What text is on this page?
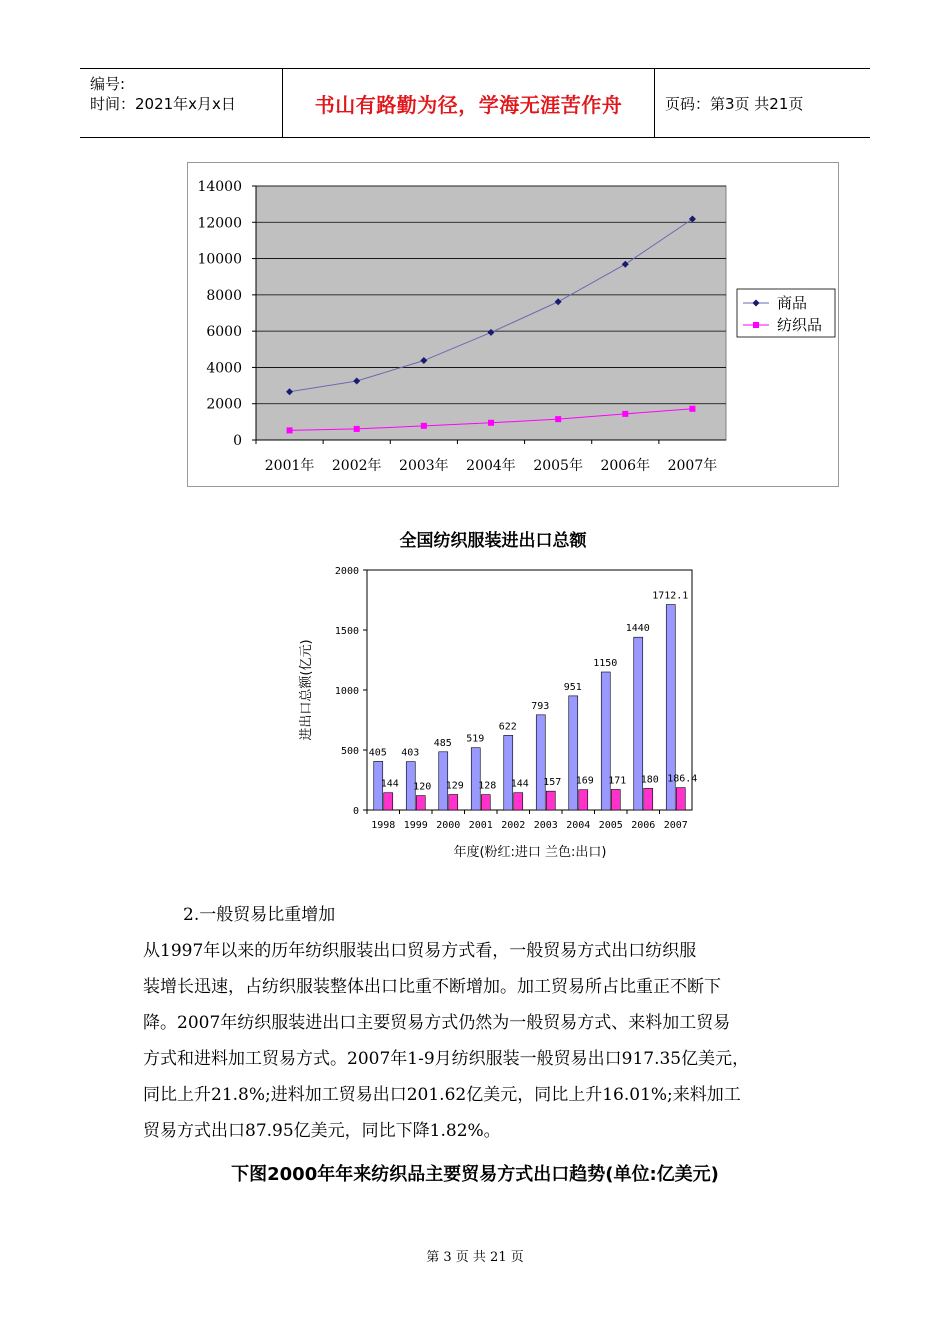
编号:
时间：2021年x月x日	书山有路勤为径，学海无涯苦作舟	页码：第3页 共21页
0
2000
4000
6000
8000
10000
12000
14000
2001年 2002年 2003年 2004年 2005年 2006年 2007年
商品
纺织品
全国纺织服装进出口总额
0
500
1000
1500
2000
1998
405
144
1999
403
120
2000
485
129
2001
519
128
2002
622
144
2003
793
157
2004
951
169
2005
1150
171
2006
1440
180
2007
1712.1
186.4
进出口总额(亿元)
年度(粉红:进口 兰色:出口)
2.一般贸易比重增加
从1997年以来的历年纺织服装出口贸易方式看，一般贸易方式出口纺织服
装增长迅速，占纺织服装整体出口比重不断增加。加工贸易所占比重正不断下
降。2007年纺织服装进出口主要贸易方式仍然为一般贸易方式、来料加工贸易
方式和进料加工贸易方式。2007年1-9月纺织服装一般贸易出口917.35亿美元，
同比上升21.8%;进料加工贸易出口201.62亿美元，同比上升16.01%;来料加工
贸易方式出口87.95亿美元，同比下降1.82%。
下图2000年年来纺织品主要贸易方式出口趋势(单位:亿美元)
第 3 页 共 21 页
